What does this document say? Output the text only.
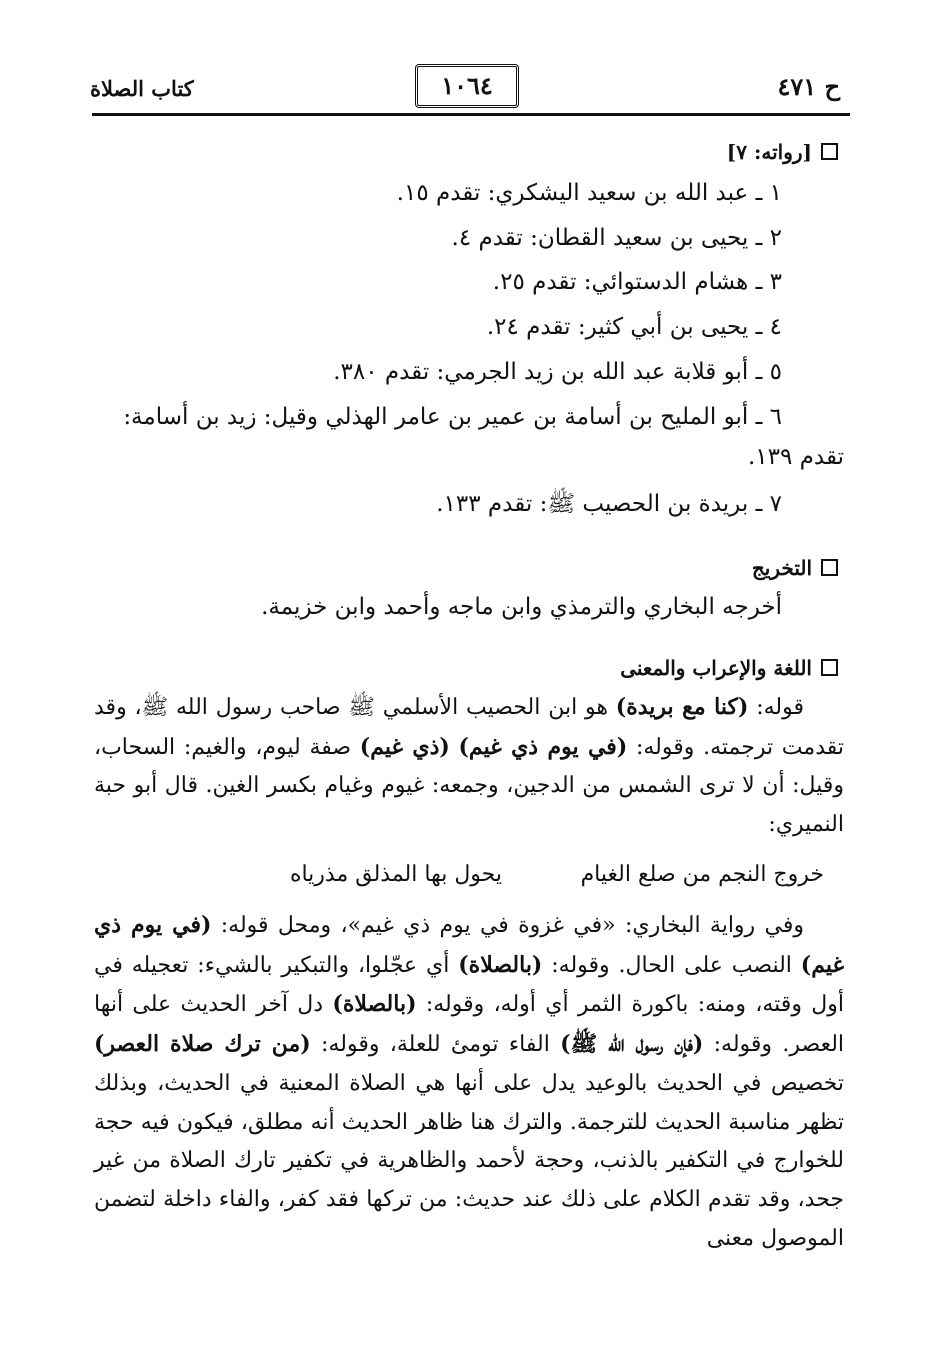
ح ٤٧١
١٠٦٤
كتاب الصلاة
[رواته: ٧]
١ ـ عبد الله بن سعيد اليشكري: تقدم ١٥.
٢ ـ يحيى بن سعيد القطان: تقدم ٤.
٣ ـ هشام الدستوائي: تقدم ٢٥.
٤ ـ يحيى بن أبي كثير: تقدم ٢٤.
٥ ـ أبو قلابة عبد الله بن زيد الجرمي: تقدم ٣٨٠.
٦ ـ أبو المليح بن أسامة بن عمير بن عامر الهذلي وقيل: زيد بن أسامة:
تقدم ١٣٩.
٧ ـ بريدة بن الحصيب ﷺ: تقدم ١٣٣.
التخريج
أخرجه البخاري والترمذي وابن ماجه وأحمد وابن خزيمة.
اللغة والإعراب والمعنى

قوله: (كنا مع بريدة) هو ابن الحصيب الأسلمي ﷺ صاحب رسول الله ﷺ، وقد تقدمت ترجمته. وقوله: (في يوم ذي غيم) (ذي غيم) صفة ليوم، والغيم: السحاب، وقيل: أن لا ترى الشمس من الدجين، وجمعه: غيوم وغيام بكسر الغين. قال أبو حبة النميري:

يحول بها المذلق مذرياه	خروج النجم من صلع الغيام

وفي رواية البخاري: «في غزوة في يوم ذي غيم»، ومحل قوله: (في يوم ذي غيم) النصب على الحال. وقوله: (بالصلاة) أي عجّلوا، والتبكير بالشيء: تعجيله في أول وقته، ومنه: باكورة الثمر أي أوله، وقوله: (بالصلاة) دل آخر الحديث على أنها العصر. وقوله: (فإن رسول الله ﷺ) الفاء تومئ للعلة، وقوله: (من ترك صلاة العصر) تخصيص في الحديث بالوعيد يدل على أنها هي الصلاة المعنية في الحديث، وبذلك تظهر مناسبة الحديث للترجمة. والترك هنا ظاهر الحديث أنه مطلق، فيكون فيه حجة للخوارج في التكفير بالذنب، وحجة لأحمد والظاهرية في تكفير تارك الصلاة من غير جحد، وقد تقدم الكلام على ذلك عند حديث: من تركها فقد كفر، والفاء داخلة لتضمن الموصول معنى
